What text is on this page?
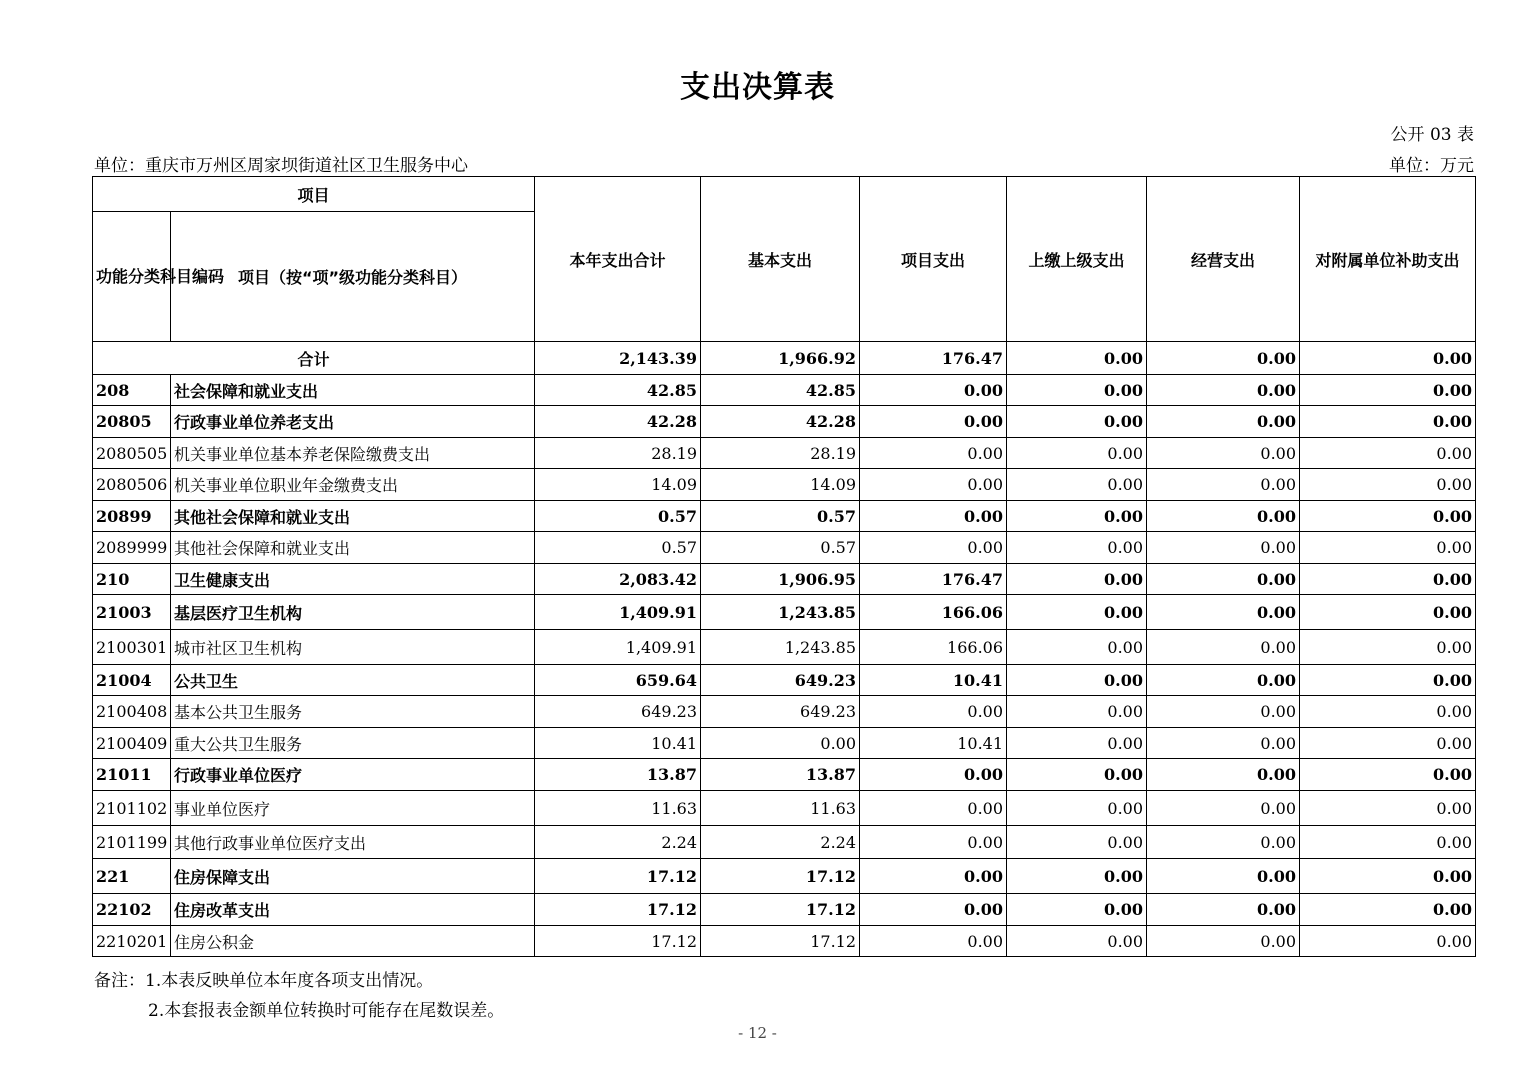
支出决算表
公开 03 表
单位：重庆市万州区周家坝街道社区卫生服务中心	单位：万元
项目		本年支出合计	基本支出	项目支出	上缴上级支出	经营支出	对附属单位补助支出
功能分类科目编码	项目（按“项”级功能分类科目）						
合计		2,143.39	1,966.92	176.47	0.00	0.00	0.00
208	社会保障和就业支出	42.85	42.85	0.00	0.00	0.00	0.00
20805	行政事业单位养老支出	42.28	42.28	0.00	0.00	0.00	0.00
2080505	机关事业单位基本养老保险缴费支出	28.19	28.19	0.00	0.00	0.00	0.00
2080506	机关事业单位职业年金缴费支出	14.09	14.09	0.00	0.00	0.00	0.00
20899	其他社会保障和就业支出	0.57	0.57	0.00	0.00	0.00	0.00
2089999	其他社会保障和就业支出	0.57	0.57	0.00	0.00	0.00	0.00
210	卫生健康支出	2,083.42	1,906.95	176.47	0.00	0.00	0.00
21003	基层医疗卫生机构	1,409.91	1,243.85	166.06	0.00	0.00	0.00
2100301	城市社区卫生机构	1,409.91	1,243.85	166.06	0.00	0.00	0.00
21004	公共卫生	659.64	649.23	10.41	0.00	0.00	0.00
2100408	基本公共卫生服务	649.23	649.23	0.00	0.00	0.00	0.00
2100409	重大公共卫生服务	10.41	0.00	10.41	0.00	0.00	0.00
21011	行政事业单位医疗	13.87	13.87	0.00	0.00	0.00	0.00
2101102	事业单位医疗	11.63	11.63	0.00	0.00	0.00	0.00
2101199	其他行政事业单位医疗支出	2.24	2.24	0.00	0.00	0.00	0.00
221	住房保障支出	17.12	17.12	0.00	0.00	0.00	0.00
22102	住房改革支出	17.12	17.12	0.00	0.00	0.00	0.00
2210201	住房公积金	17.12	17.12	0.00	0.00	0.00	0.00
备注：1.本表反映单位本年度各项支出情况。
2.本套报表金额单位转换时可能存在尾数误差。
- 12 -
